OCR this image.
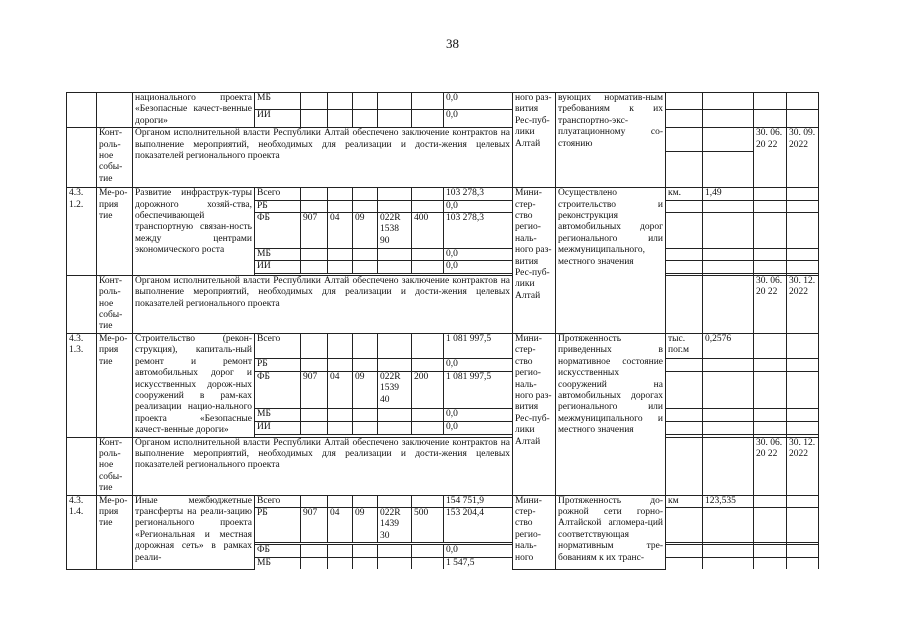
38
		национального проекта «Безопасные качест-венные дороги»	МБ						0,0	ного раз-вития Рес-пуб-лики Алтай	вующих норматив-ным требованиям к их транспортно-экс-плуатационному со-стоянию				
			ИИ						0,0						
	Конт-роль-ное собы-тие	Органом исполнительной власти Республики Алтай обеспечено заключение контрактов на выполнение мероприятий, необходимых для реализации и дости-жения целевых показателей регионального проекта												30. 06. 20 22	30. 09. 2022

4.3. 1.2.	Ме-ро-прия тие	Развитие инфраструк-туры дорожного хозяй-ства, обеспечивающей транспортную связан-ность между центрами экономического роста	Всего						103 278,3	Мини-стер-ство регио-наль-ного раз-вития Рес-пуб-лики Алтай	Осуществлено строительство и реконструкция автомобильных дорог регионального или межмуниципального, местного значения	км.	1,49		
			РБ						0,0						
			ФБ	907	04	09	022R 1538 90	400	103 278,3						
			МБ						0,0						
			ИИ						0,0						

	Конт-роль-ное собы-тие	Органом исполнительной власти Республики Алтай обеспечено заключение контрактов на выполнение мероприятий, необходимых для реализации и дости-жения целевых показателей регионального проекта												30. 06. 20 22	30. 12. 2022
4.3. 1.3.	Ме-ро-прия тие	Строительство (рекон-струкция), капиталь-ный ремонт и ремонт автомобильных дорог и искусственных дорож-ных сооружений в рам-ках реализации нацио-нального проекта «Безопасные качест-венные дороги»	Всего						1 081 997,5	Мини-стер-ство регио-наль-ного раз-вития Рес-пуб-лики Алтай	Протяженность приведенных в нормативное состояние искусственных сооружений на автомобильных дорогах регионального или межмуниципального и местного значения	тыс. пог.м	0,2576		
			РБ						0,0						
			ФБ	907	04	09	022R 1539 40	200	1 081 997,5						
			МБ						0,0						
			ИИ						0,0						

	Конт-роль-ное собы-тие	Органом исполнительной власти Республики Алтай обеспечено заключение контрактов на выполнение мероприятий, необходимых для реализации и дости-жения целевых показателей регионального проекта												30. 06. 20 22	30. 12. 2022
4.3. 1.4.	Ме-ро-прия тие	Иные межбюджетные трансферты на реали-зацию регионального проекта «Региональная и местная дорожная сеть» в рамках реали-	Всего						154 751,9	Мини-стер-ство регио-наль-ного	Протяженность до-рожной сети горно-Алтайской агломера-ций соответствующая нормативным тре-бованиям к их транс-	км	123,535		
			РБ	907	04	09	022R 1439 30	500	153 204,4						

			ФБ						0,0						
			МБ						1 547,5						
